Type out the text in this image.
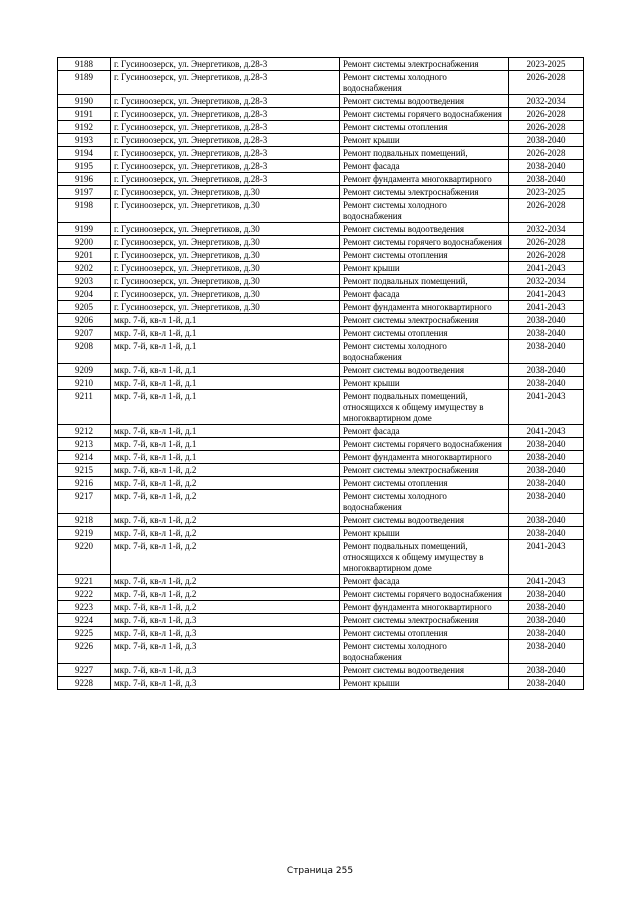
9188	г. Гусиноозерск, ул. Энергетиков, д.28-3	Ремонт системы электроснабжения	2023-2025
9189	г. Гусиноозерск, ул. Энергетиков, д.28-3	Ремонт системы холодного водоснабжения	2026-2028
9190	г. Гусиноозерск, ул. Энергетиков, д.28-3	Ремонт системы водоотведения	2032-2034
9191	г. Гусиноозерск, ул. Энергетиков, д.28-3	Ремонт системы горячего водоснабжения	2026-2028
9192	г. Гусиноозерск, ул. Энергетиков, д.28-3	Ремонт системы отопления	2026-2028
9193	г. Гусиноозерск, ул. Энергетиков, д.28-3	Ремонт крыши	2038-2040
9194	г. Гусиноозерск, ул. Энергетиков, д.28-3	Ремонт подвальных помещений,	2026-2028
9195	г. Гусиноозерск, ул. Энергетиков, д.28-3	Ремонт фасада	2038-2040
9196	г. Гусиноозерск, ул. Энергетиков, д.28-3	Ремонт фундамента многоквартирного	2038-2040
9197	г. Гусиноозерск, ул. Энергетиков, д.30	Ремонт системы электроснабжения	2023-2025
9198	г. Гусиноозерск, ул. Энергетиков, д.30	Ремонт системы холодного водоснабжения	2026-2028
9199	г. Гусиноозерск, ул. Энергетиков, д.30	Ремонт системы водоотведения	2032-2034
9200	г. Гусиноозерск, ул. Энергетиков, д.30	Ремонт системы горячего водоснабжения	2026-2028
9201	г. Гусиноозерск, ул. Энергетиков, д.30	Ремонт системы отопления	2026-2028
9202	г. Гусиноозерск, ул. Энергетиков, д.30	Ремонт крыши	2041-2043
9203	г. Гусиноозерск, ул. Энергетиков, д.30	Ремонт подвальных помещений,	2032-2034
9204	г. Гусиноозерск, ул. Энергетиков, д.30	Ремонт фасада	2041-2043
9205	г. Гусиноозерск, ул. Энергетиков, д.30	Ремонт фундамента многоквартирного	2041-2043
9206	мкр. 7-й, кв-л 1-й, д.1	Ремонт системы электроснабжения	2038-2040
9207	мкр. 7-й, кв-л 1-й, д.1	Ремонт системы отопления	2038-2040
9208	мкр. 7-й, кв-л 1-й, д.1	Ремонт системы холодного водоснабжения	2038-2040
9209	мкр. 7-й, кв-л 1-й, д.1	Ремонт системы водоотведения	2038-2040
9210	мкр. 7-й, кв-л 1-й, д.1	Ремонт крыши	2038-2040
9211	мкр. 7-й, кв-л 1-й, д.1	Ремонт подвальных помещений, относящихся к общему имуществу в многоквартирном доме	2041-2043
9212	мкр. 7-й, кв-л 1-й, д.1	Ремонт фасада	2041-2043
9213	мкр. 7-й, кв-л 1-й, д.1	Ремонт системы горячего водоснабжения	2038-2040
9214	мкр. 7-й, кв-л 1-й, д.1	Ремонт фундамента многоквартирного	2038-2040
9215	мкр. 7-й, кв-л 1-й, д.2	Ремонт системы электроснабжения	2038-2040
9216	мкр. 7-й, кв-л 1-й, д.2	Ремонт системы отопления	2038-2040
9217	мкр. 7-й, кв-л 1-й, д.2	Ремонт системы холодного водоснабжения	2038-2040
9218	мкр. 7-й, кв-л 1-й, д.2	Ремонт системы водоотведения	2038-2040
9219	мкр. 7-й, кв-л 1-й, д.2	Ремонт крыши	2038-2040
9220	мкр. 7-й, кв-л 1-й, д.2	Ремонт подвальных помещений, относящихся к общему имуществу в многоквартирном доме	2041-2043
9221	мкр. 7-й, кв-л 1-й, д.2	Ремонт фасада	2041-2043
9222	мкр. 7-й, кв-л 1-й, д.2	Ремонт системы горячего водоснабжения	2038-2040
9223	мкр. 7-й, кв-л 1-й, д.2	Ремонт фундамента многоквартирного	2038-2040
9224	мкр. 7-й, кв-л 1-й, д.3	Ремонт системы электроснабжения	2038-2040
9225	мкр. 7-й, кв-л 1-й, д.3	Ремонт системы отопления	2038-2040
9226	мкр. 7-й, кв-л 1-й, д.3	Ремонт системы холодного водоснабжения	2038-2040
9227	мкр. 7-й, кв-л 1-й, д.3	Ремонт системы водоотведения	2038-2040
9228	мкр. 7-й, кв-л 1-й, д.3	Ремонт крыши	2038-2040
Страница 255
